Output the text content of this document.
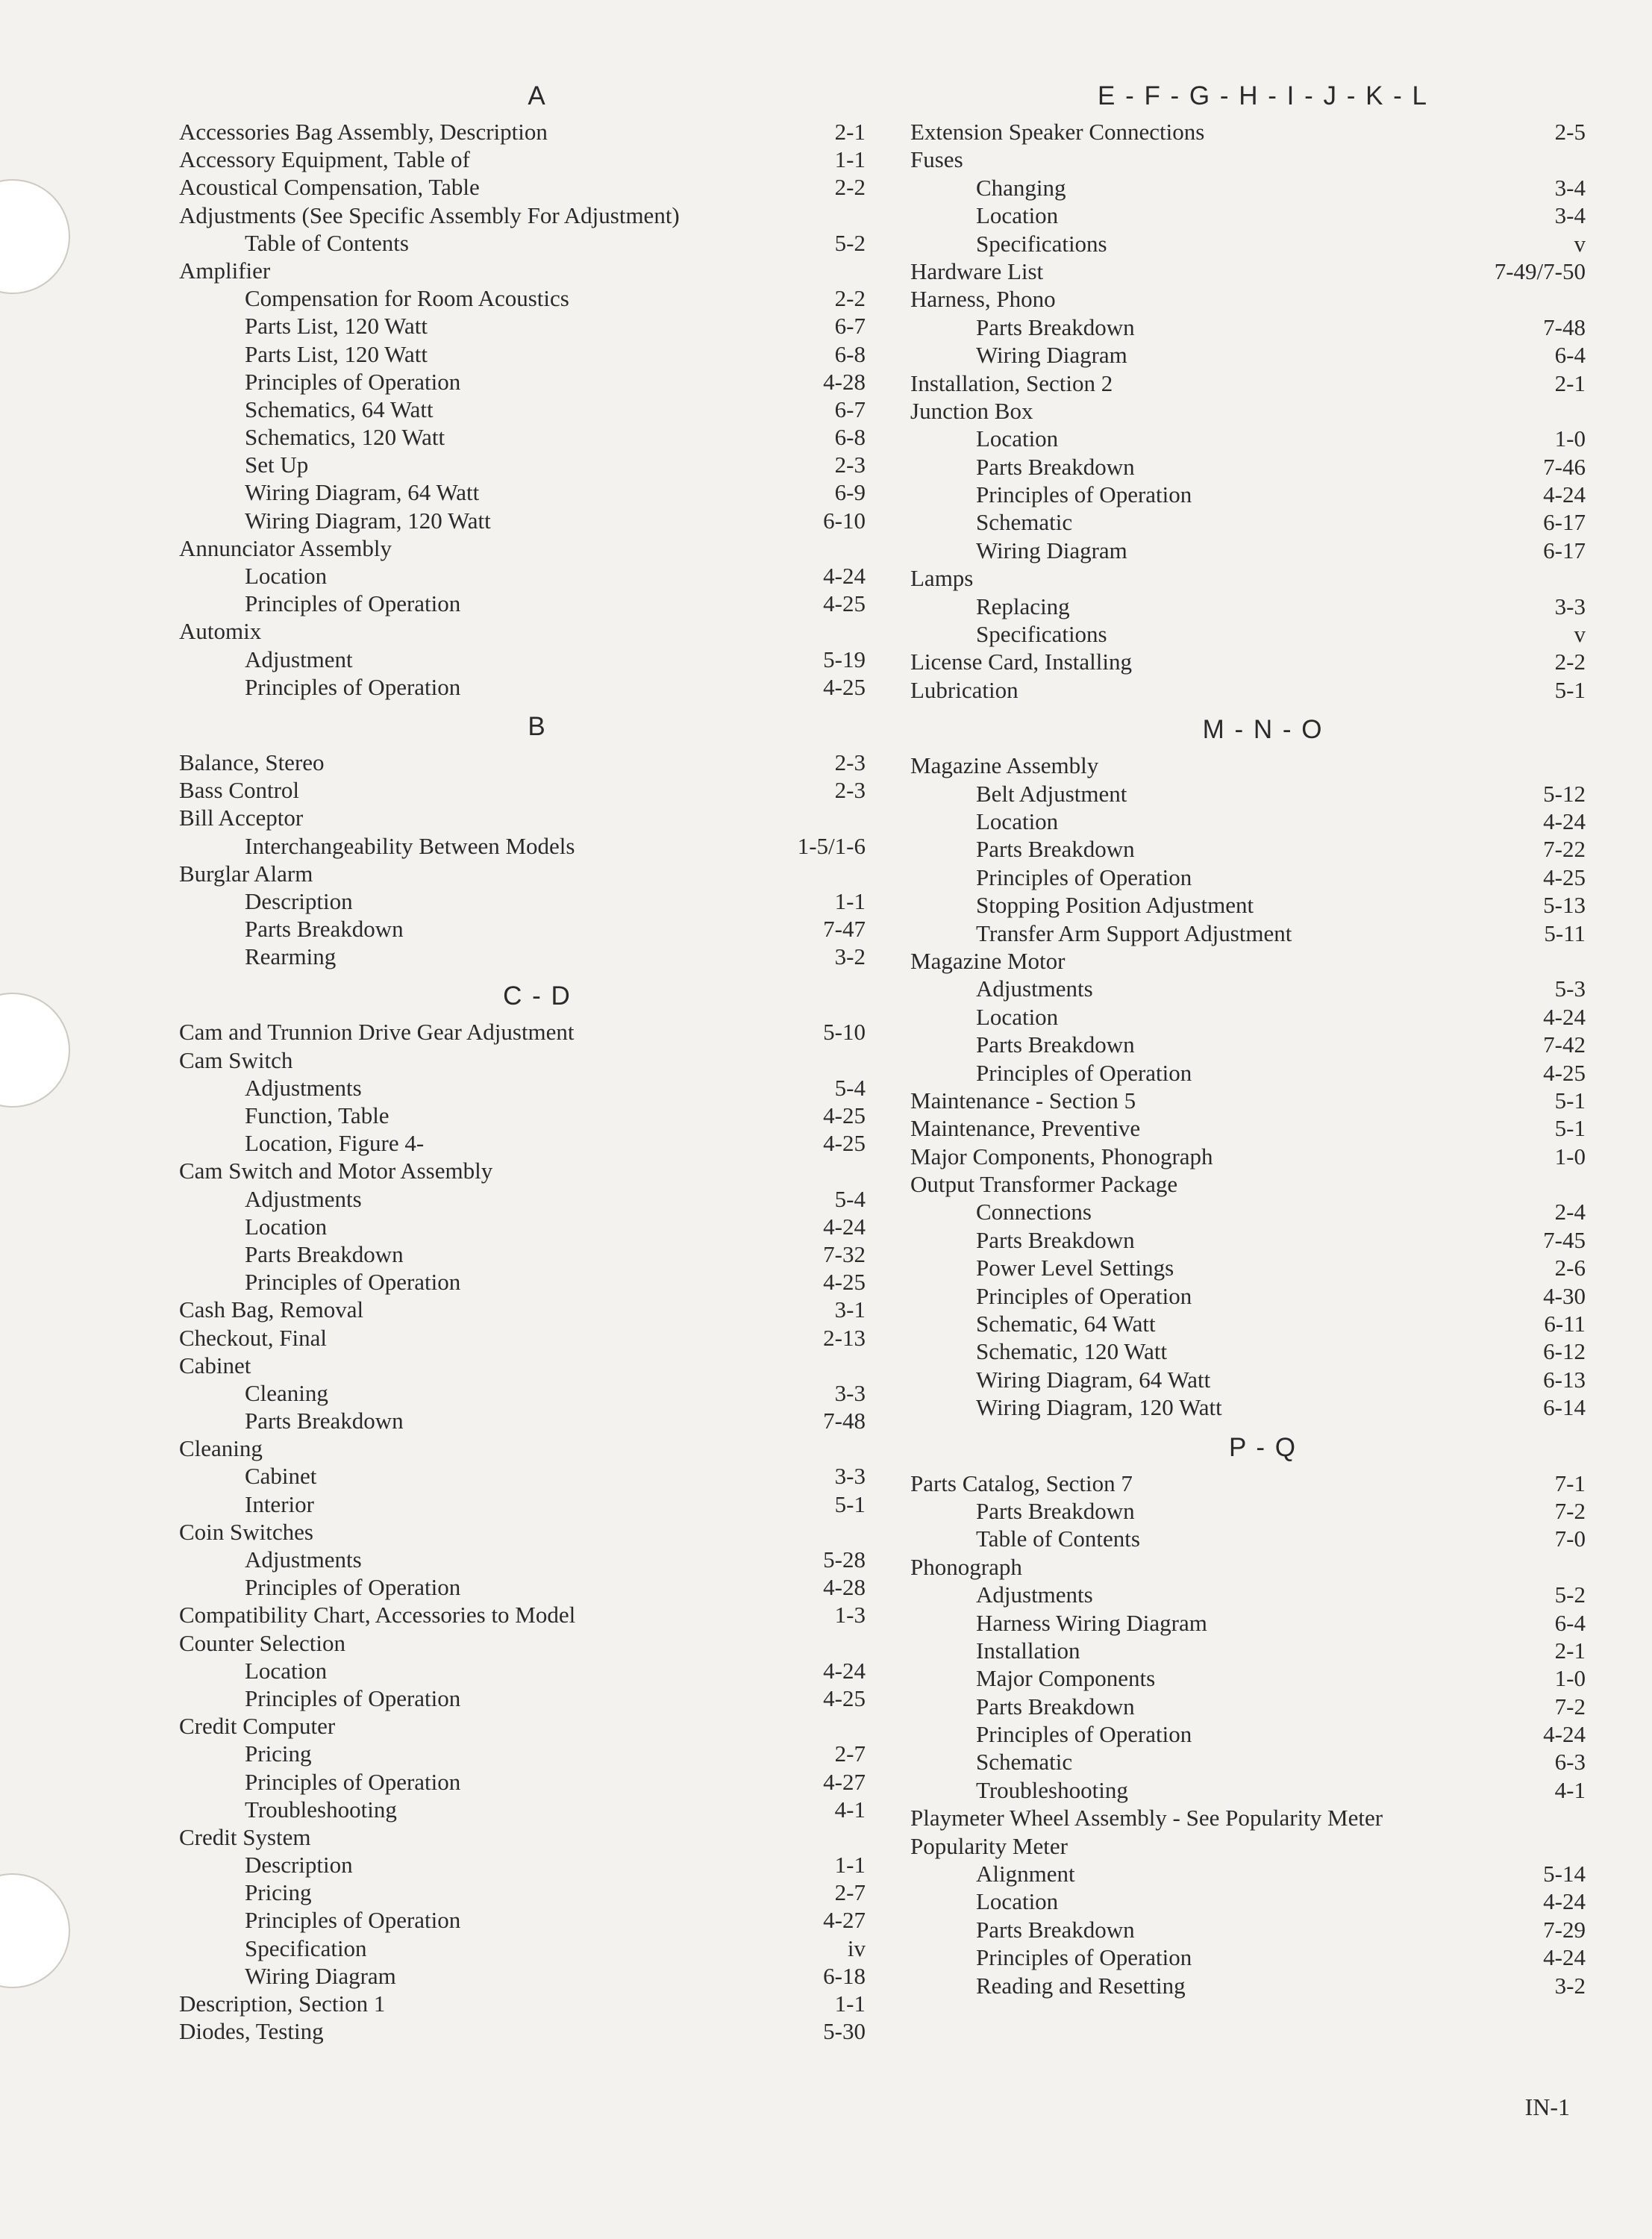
A
Accessories Bag Assembly, Description	2-1
Accessory Equipment, Table of	1-1
Acoustical Compensation, Table	2-2
Adjustments (See Specific Assembly For Adjustment)
Table of Contents	5-2
Amplifier
Compensation for Room Acoustics	2-2
Parts List, 120 Watt	6-7
Parts List, 120 Watt	6-8
Principles of Operation	4-28
Schematics, 64 Watt	6-7
Schematics, 120 Watt	6-8
Set Up	2-3
Wiring Diagram, 64 Watt	6-9
Wiring Diagram, 120 Watt	6-10
Annunciator Assembly
Location	4-24
Principles of Operation	4-25
Automix
Adjustment	5-19
Principles of Operation	4-25
B
Balance, Stereo	2-3
Bass Control	2-3
Bill Acceptor
Interchangeability Between Models	1-5/1-6
Burglar Alarm
Description	1-1
Parts Breakdown	7-47
Rearming	3-2
C - D
Cam and Trunnion Drive Gear Adjustment	5-10
Cam Switch
Adjustments	5-4
Function, Table	4-25
Location, Figure 4-	4-25
Cam Switch and Motor Assembly
Adjustments	5-4
Location	4-24
Parts Breakdown	7-32
Principles of Operation	4-25
Cash Bag, Removal	3-1
Checkout, Final	2-13
Cabinet
Cleaning	3-3
Parts Breakdown	7-48
Cleaning
Cabinet	3-3
Interior	5-1
Coin Switches
Adjustments	5-28
Principles of Operation	4-28
Compatibility Chart, Accessories to Model	1-3
Counter Selection
Location	4-24
Principles of Operation	4-25
Credit Computer
Pricing	2-7
Principles of Operation	4-27
Troubleshooting	4-1
Credit System
Description	1-1
Pricing	2-7
Principles of Operation	4-27
Specification	iv
Wiring Diagram	6-18
Description, Section 1	1-1
Diodes, Testing	5-30
E - F - G - H - I - J - K - L
Extension Speaker Connections	2-5
Fuses
Changing	3-4
Location	3-4
Specifications	v
Hardware List	7-49/7-50
Harness, Phono
Parts Breakdown	7-48
Wiring Diagram	6-4
Installation, Section 2	2-1
Junction Box
Location	1-0
Parts Breakdown	7-46
Principles of Operation	4-24
Schematic	6-17
Wiring Diagram	6-17
Lamps
Replacing	3-3
Specifications	v
License Card, Installing	2-2
Lubrication	5-1
M - N - O
Magazine Assembly
Belt Adjustment	5-12
Location	4-24
Parts Breakdown	7-22
Principles of Operation	4-25
Stopping Position Adjustment	5-13
Transfer Arm Support Adjustment	5-11
Magazine Motor
Adjustments	5-3
Location	4-24
Parts Breakdown	7-42
Principles of Operation	4-25
Maintenance - Section 5	5-1
Maintenance, Preventive	5-1
Major Components, Phonograph	1-0
Output Transformer Package
Connections	2-4
Parts Breakdown	7-45
Power Level Settings	2-6
Principles of Operation	4-30
Schematic, 64 Watt	6-11
Schematic, 120 Watt	6-12
Wiring Diagram, 64 Watt	6-13
Wiring Diagram, 120 Watt	6-14
P - Q
Parts Catalog, Section 7	7-1
Parts Breakdown	7-2
Table of Contents	7-0
Phonograph
Adjustments	5-2
Harness Wiring Diagram	6-4
Installation	2-1
Major Components	1-0
Parts Breakdown	7-2
Principles of Operation	4-24
Schematic	6-3
Troubleshooting	4-1
Playmeter Wheel Assembly - See Popularity Meter
Popularity Meter
Alignment	5-14
Location	4-24
Parts Breakdown	7-29
Principles of Operation	4-24
Reading and Resetting	3-2
IN-1
